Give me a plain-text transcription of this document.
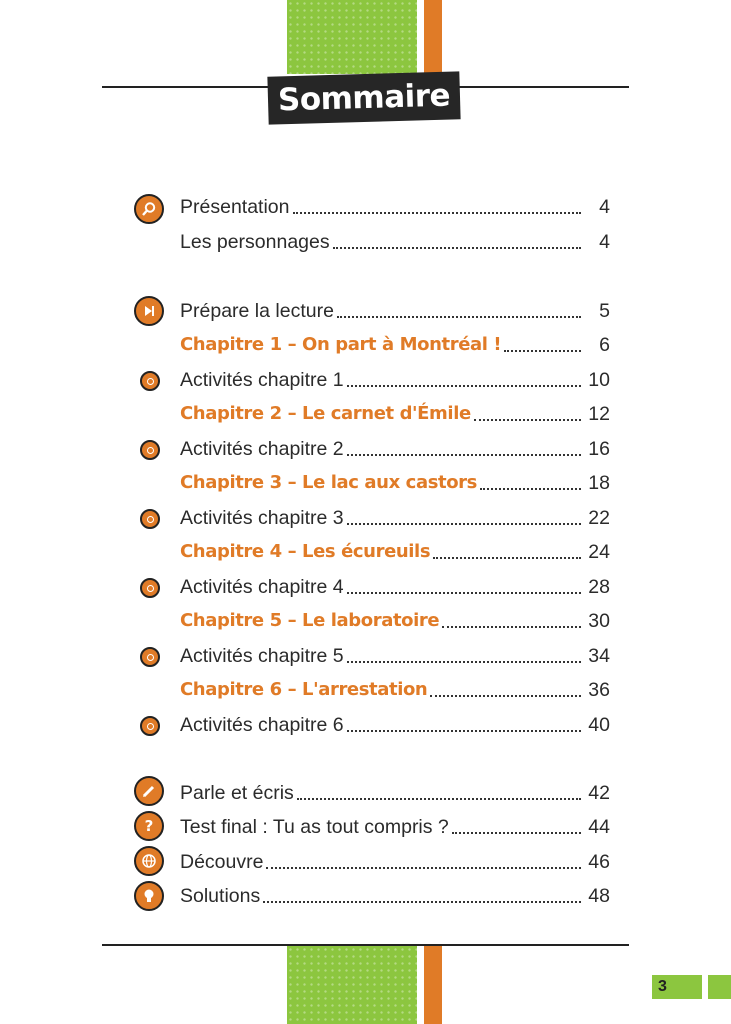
Sommaire
?
Présentation	4
Les personnages	4
Prépare la lecture	5
Chapitre 1 – On part à Montréal !	6
Activités chapitre 1	10
Chapitre 2 – Le carnet d'Émile	12
Activités chapitre 2	16
Chapitre 3 – Le lac aux castors	18
Activités chapitre 3	22
Chapitre 4 – Les écureuils	24
Activités chapitre 4	28
Chapitre 5 – Le laboratoire	30
Activités chapitre 5	34
Chapitre 6 – L'arrestation	36
Activités chapitre 6	40
Parle et écris	42
Test final : Tu as tout compris ?	44
Découvre	46
Solutions	48
3
